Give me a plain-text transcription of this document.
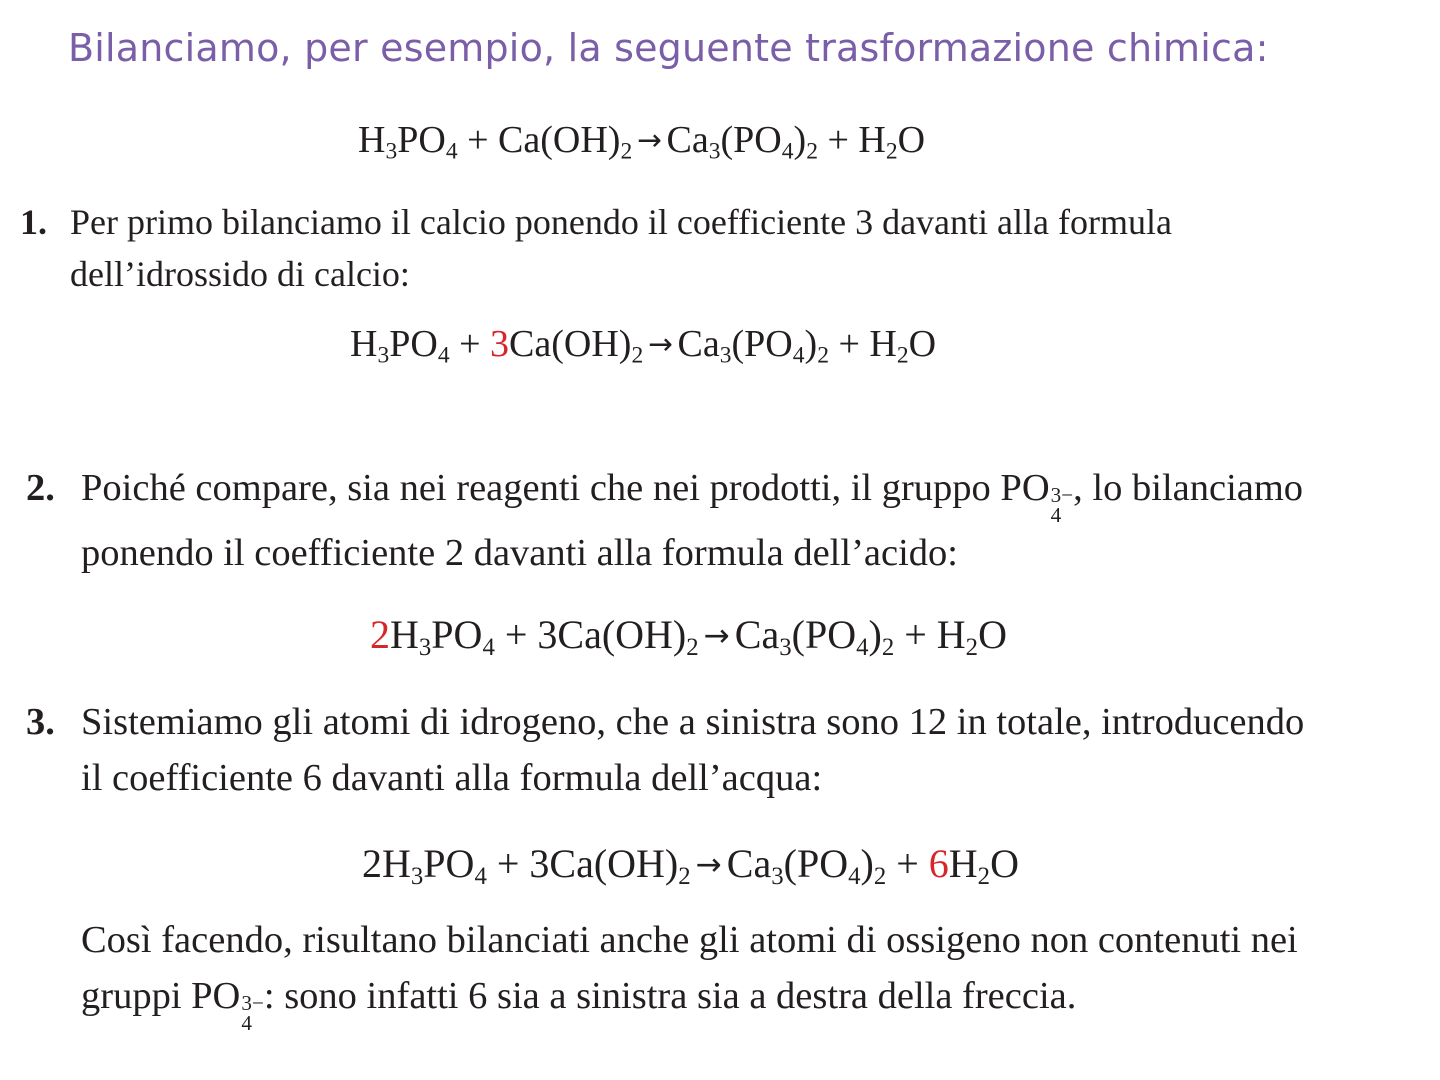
Bilanciamo, per esempio, la seguente trasformazione chimica:
$H_3PO_4 + Ca(OH)_2 \to Ca_3(PO_4)_2 + H_2O$
1. Per primo bilanciamo il calcio ponendo il coefficiente 3 davanti alla formula
dell’idrossido di calcio:
$H_3PO_4 + 3Ca(OH)_2 \to Ca_3(PO_4)_2 + H_2O$
2. Poiché compare, sia nei reagenti che nei prodotti, il gruppo PO 3−
4
, lo bilanciamo
ponendo il coefficiente 2 davanti alla formula dell’acido:
$2H_3PO_4 + 3Ca(OH)_2 \to Ca_3(PO_4)_2 + H_2O$
3. Sistemiamo gli atomi di idrogeno, che a sinistra sono 12 in totale, introducendo
il coefficiente 6 davanti alla formula dell’acqua:
$2H_3PO_4 + 3Ca(OH)_2 \to Ca_3(PO_4)_2 + 6H_2O$
Così facendo, risultano bilanciati anche gli atomi di ossigeno non contenuti nei
gruppi PO 3−
4
: sono infatti 6 sia a sinistra sia a destra della freccia.
